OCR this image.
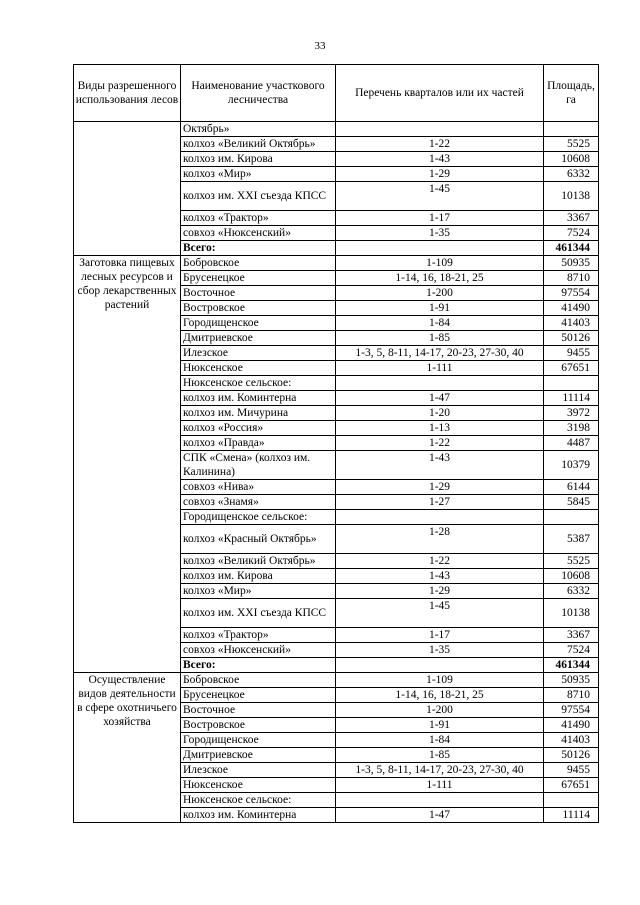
33
Виды разрешенного использования лесов	Наименование участкового лесничества	Перечень кварталов или их частей	Площадь, га
	Октябрь»		
	колхоз «Великий Октябрь»	1-22	5525
	колхоз им. Кирова	1-43	10608
	колхоз «Мир»	1-29	6332
	колхоз им. XXI съезда КПСС	1-45	10138
	колхоз «Трактор»	1-17	3367
	совхоз «Нюксенский»	1-35	7524
	Всего:		461344
Заготовка пищевых лесных ресурсов и сбор лекарственных растений	Бобровское	1-109	50935
	Брусенецкое	1-14, 16, 18-21, 25	8710
	Восточное	1-200	97554
	Востровское	1-91	41490
	Городищенское	1-84	41403
	Дмитриевское	1-85	50126
	Илезское	1-3, 5, 8-11, 14-17, 20-23, 27-30, 40	9455
	Нюксенское	1-111	67651
	Нюксенское сельское:		
	колхоз им. Коминтерна	1-47	11114
	колхоз им. Мичурина	1-20	3972
	колхоз «Россия»	1-13	3198
	колхоз «Правда»	1-22	4487
	СПК «Смена» (колхоз им. Калинина)	1-43	10379
	совхоз «Нива»	1-29	6144
	совхоз «Знамя»	1-27	5845
	Городищенское сельское:		
	колхоз «Красный Октябрь»	1-28	5387
	колхоз «Великий Октябрь»	1-22	5525
	колхоз им. Кирова	1-43	10608
	колхоз «Мир»	1-29	6332
	колхоз им. XXI съезда КПСС	1-45	10138
	колхоз «Трактор»	1-17	3367
	совхоз «Нюксенский»	1-35	7524
	Всего:		461344
Осуществление видов деятельности в сфере охотничьего хозяйства	Бобровское	1-109	50935
	Брусенецкое	1-14, 16, 18-21, 25	8710
	Восточное	1-200	97554
	Востровское	1-91	41490
	Городищенское	1-84	41403
	Дмитриевское	1-85	50126
	Илезское	1-3, 5, 8-11, 14-17, 20-23, 27-30, 40	9455
	Нюксенское	1-111	67651
	Нюксенское сельское:		
	колхоз им. Коминтерна	1-47	11114
